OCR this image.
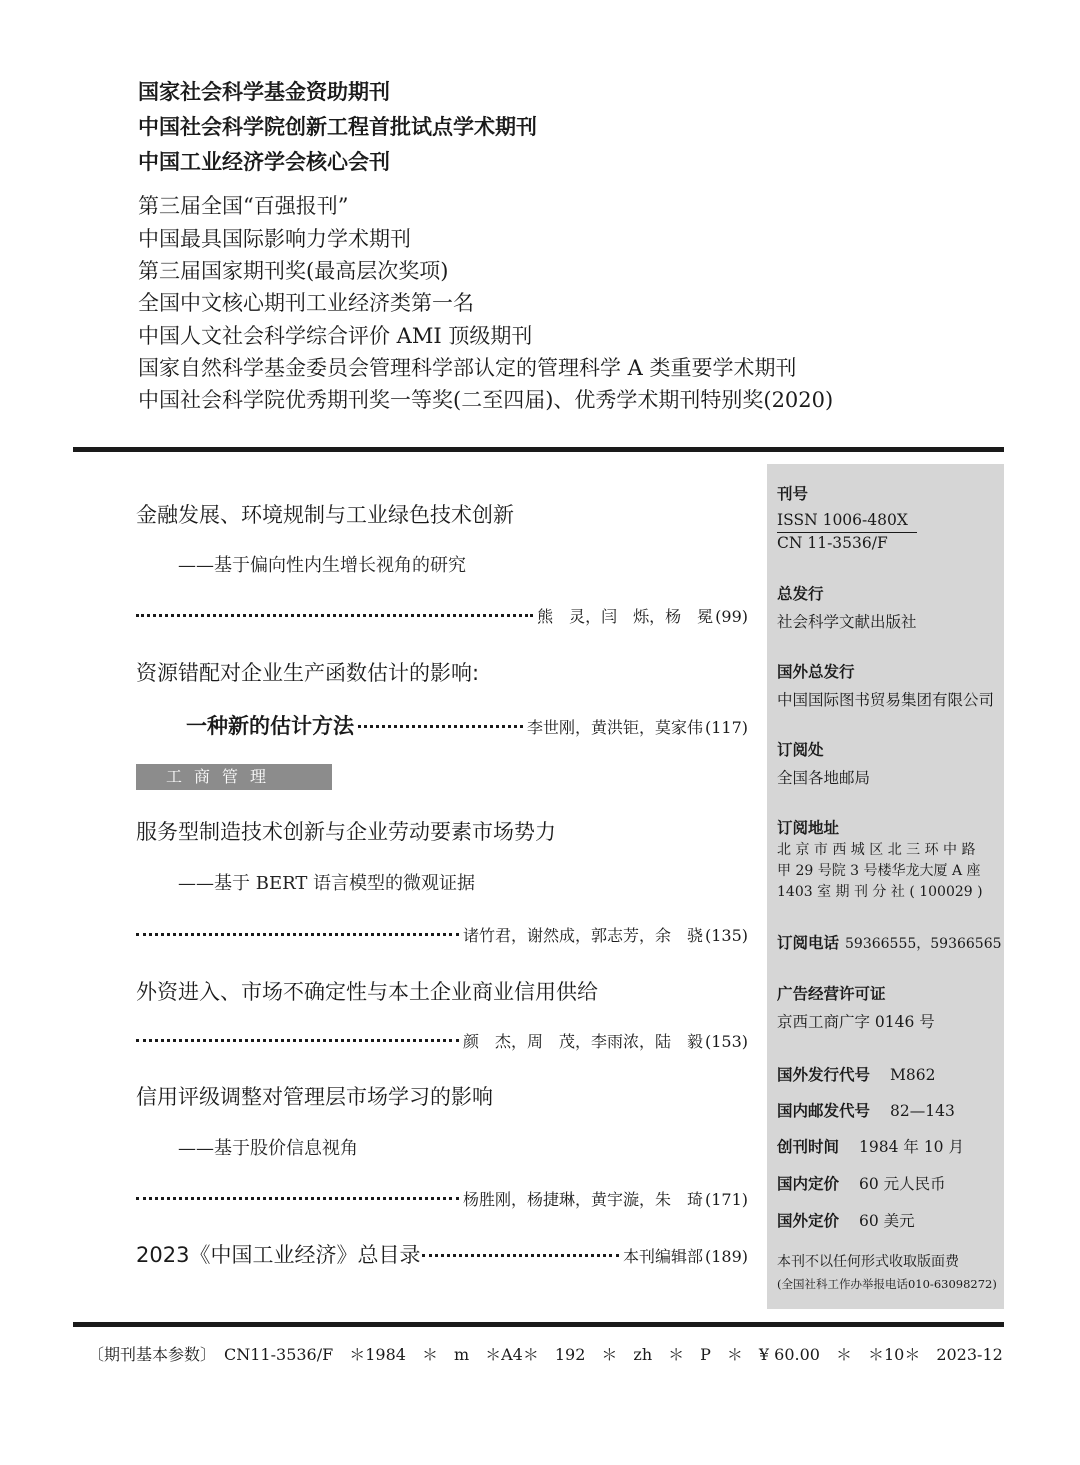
国家社会科学基金资助期刊
中国社会科学院创新工程首批试点学术期刊
中国工业经济学会核心会刊
第三届全国“百强报刊”
中国最具国际影响力学术期刊
第三届国家期刊奖(最高层次奖项)
全国中文核心期刊工业经济类第一名
中国人文社会科学综合评价 AMI 顶级期刊
国家自然科学基金委员会管理科学部认定的管理科学 A 类重要学术期刊
中国社会科学院优秀期刊奖一等奖(二至四届)、优秀学术期刊特别奖(2020)
刊号
ISSN 1006-480X
CN 11-3536/F
总发行
社会科学文献出版社
国外总发行
中国国际图书贸易集团有限公司
订阅处
全国各地邮局
订阅地址
北 京 市 西 城 区 北 三 环 中 路
甲 29 号院 3 号楼华龙大厦 A 座
1403 室 期 刊 分 社 ( 100029 )
订阅电话 59366555，59366565
广告经营许可证
京西工商广字 0146 号
国外发行代号 M862
国内邮发代号 82—143
创刊时间 1984 年 10 月
国内定价 60 元人民币
国外定价 60 美元
本刊不以任何形式收取版面费
(全国社科工作办举报电话010-63098272)
金融发展、环境规制与工业绿色技术创新
——基于偏向性内生增长视角的研究
熊　灵，闫　烁，杨　冕 (99)
资源错配对企业生产函数估计的影响:
一种新的估计方法	李世刚，黄洪钜，莫家伟 (117)
工商管理
服务型制造技术创新与企业劳动要素市场势力
——基于 BERT 语言模型的微观证据
诸竹君，谢然成，郭志芳，余　骁 (135)
外资进入、市场不确定性与本土企业商业信用供给
颜　杰，周　茂，李雨浓，陆　毅 (153)
信用评级调整对管理层市场学习的影响
——基于股价信息视角
杨胜刚，杨捷琳，黄宇漩，朱　琦 (171)
2023《中国工业经济》总目录	本刊编辑部 (189)
〔期刊基本参数〕　CN11-3536/F　＊1984　＊　m　＊A4＊　192　＊　zh　＊　P　＊　¥ 60.00　＊　＊10＊　2023-12
